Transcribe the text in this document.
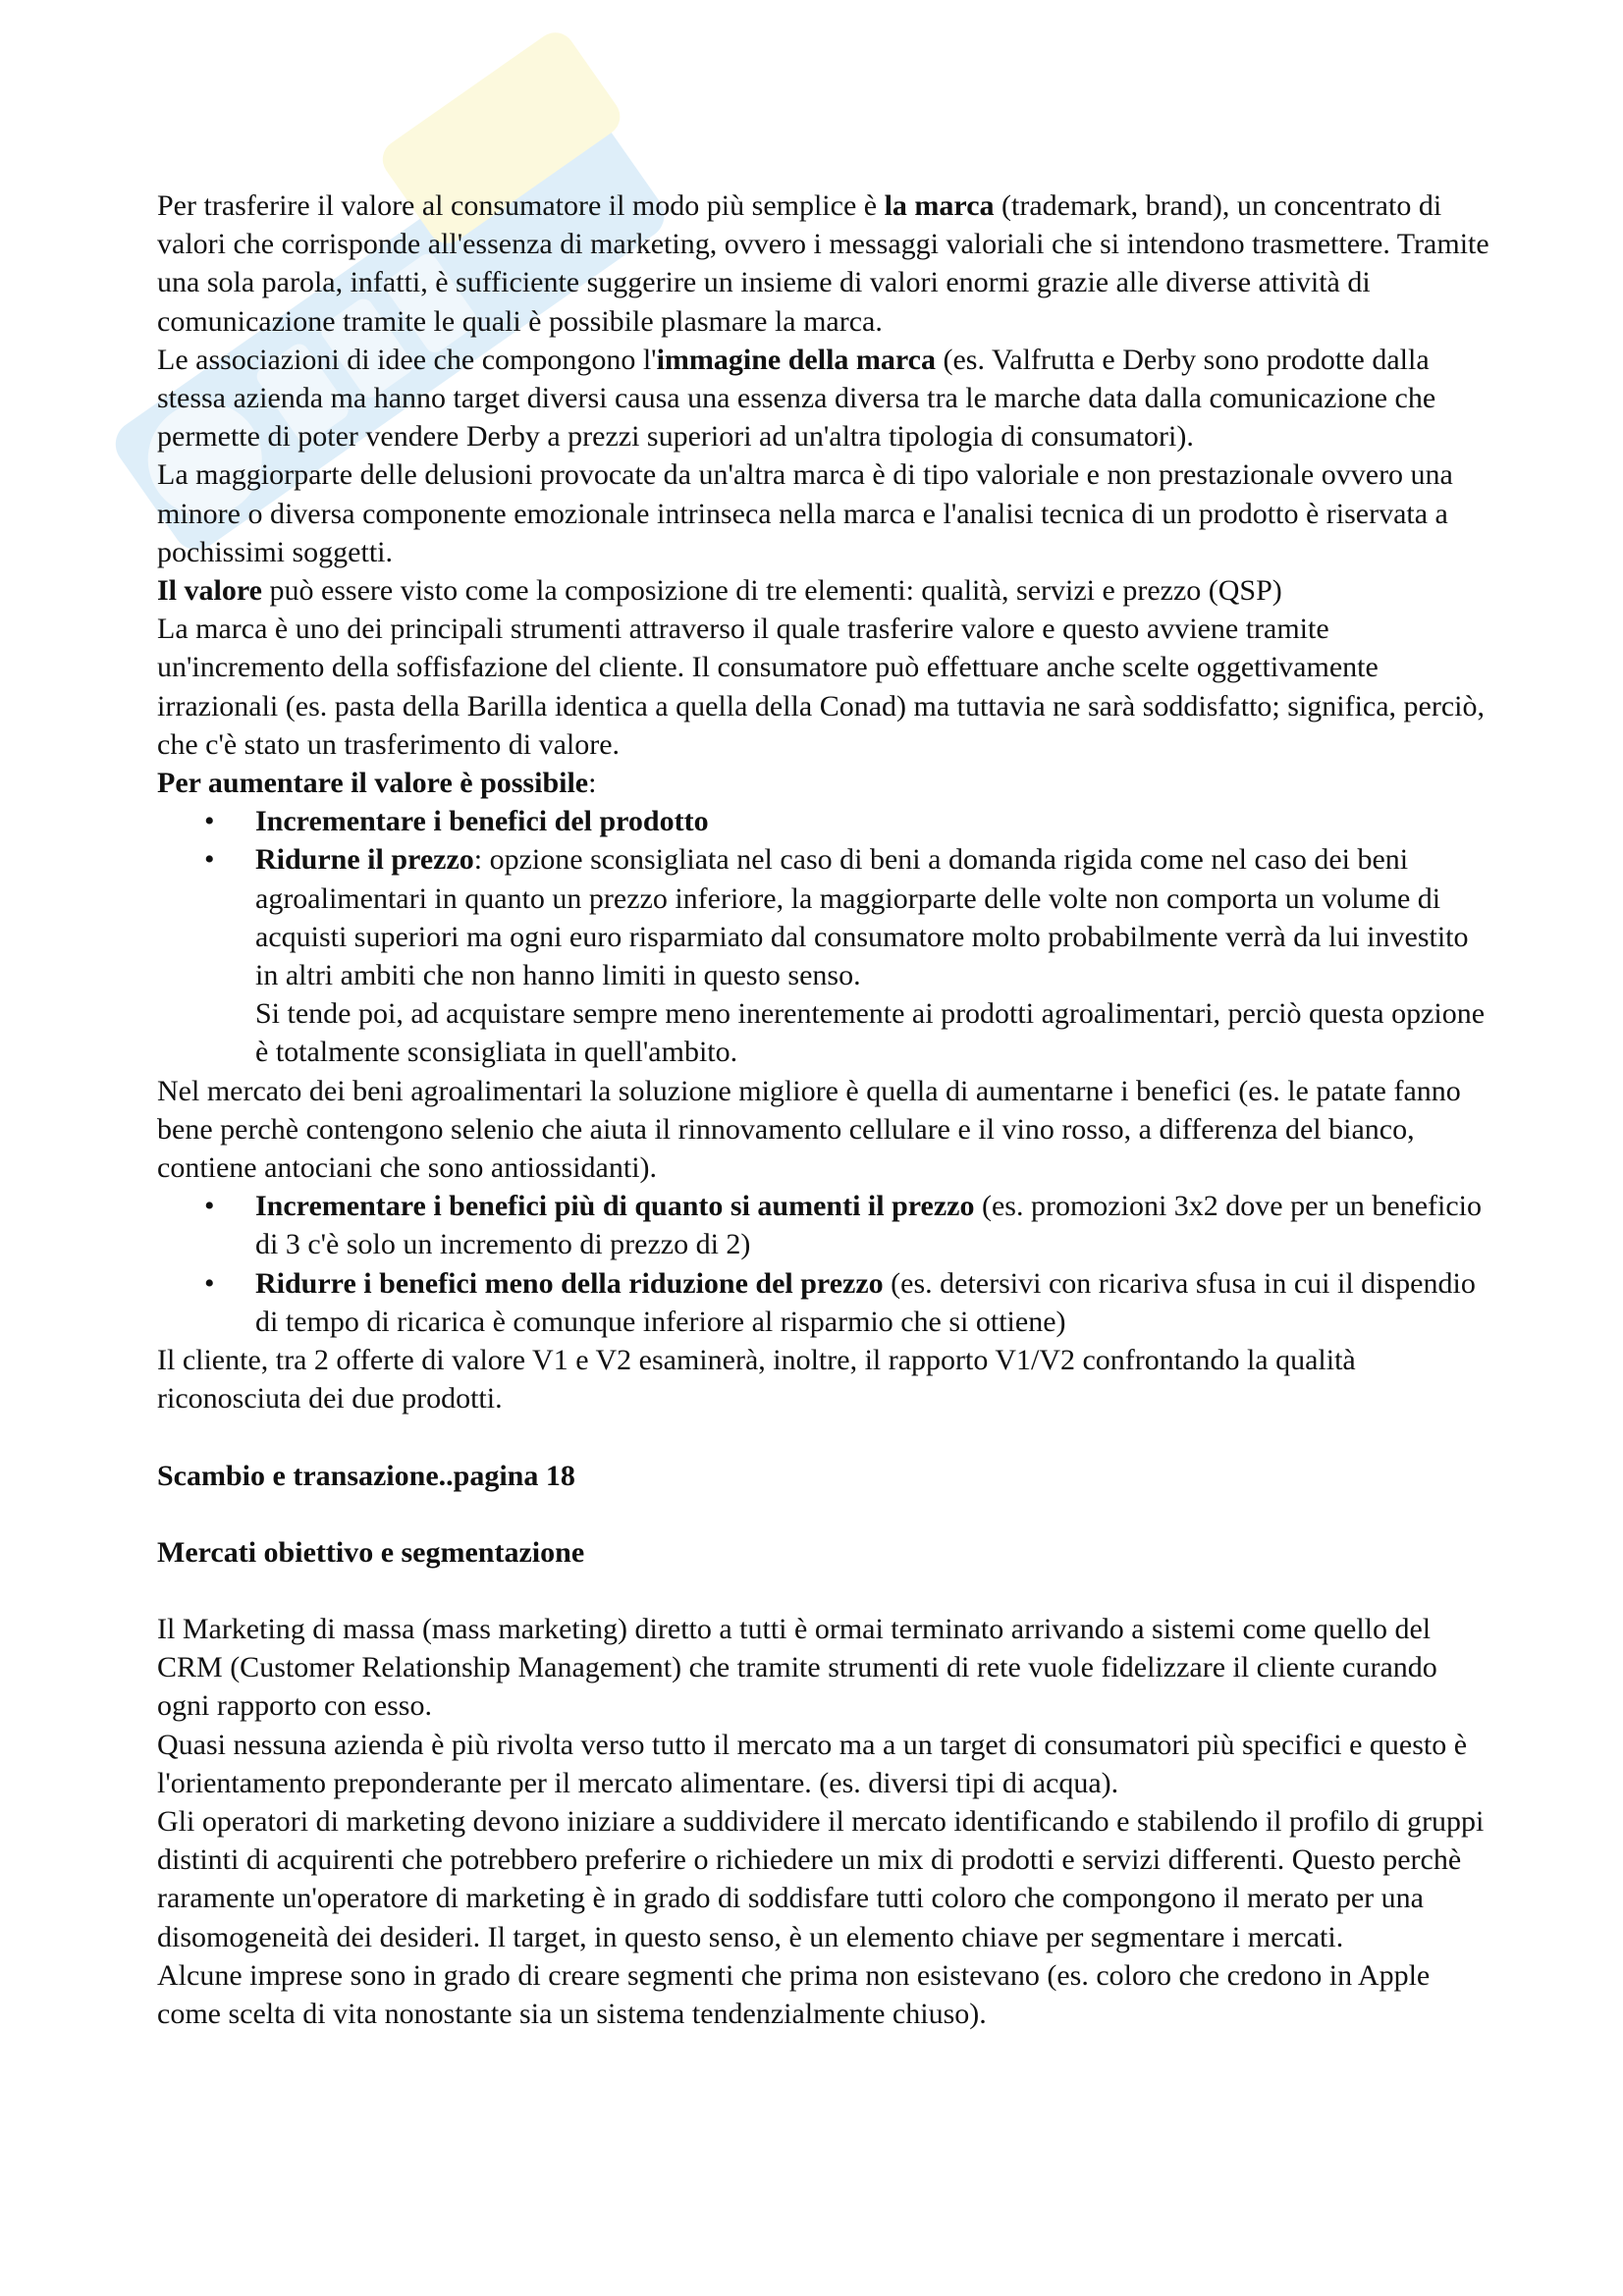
Per trasferire il valore al consumatore il modo più semplice è la marca (trademark, brand), un concentrato di valori che corrisponde all'essenza di marketing, ovvero i messaggi valoriali che si intendono trasmettere. Tramite una sola parola, infatti, è sufficiente suggerire un insieme di valori enormi grazie alle diverse attività di comunicazione tramite le quali è possibile plasmare la marca.

Le associazioni di idee che compongono l'immagine della marca (es. Valfrutta e Derby sono prodotte dalla stessa azienda ma hanno target diversi causa una essenza diversa tra le marche data dalla comunicazione che permette di poter vendere Derby a prezzi superiori ad un'altra tipologia di consumatori).

La maggiorparte delle delusioni provocate da un'altra marca è di tipo valoriale e non prestazionale ovvero una minore o diversa componente emozionale intrinseca nella marca e l'analisi tecnica di un prodotto è riservata a pochissimi soggetti.

Il valore può essere visto come la composizione di tre elementi: qualità, servizi e prezzo (QSP)

La marca è uno dei principali strumenti attraverso il quale trasferire valore e questo avviene tramite un'incremento della soffisfazione del cliente. Il consumatore può effettuare anche scelte oggettivamente irrazionali (es. pasta della Barilla identica a quella della Conad) ma tuttavia ne sarà soddisfatto; significa, perciò, che c'è stato un trasferimento di valore.

Per aumentare il valore è possibile:

• Incrementare i benefici del prodotto
• Ridurne il prezzo: opzione sconsigliata nel caso di beni a domanda rigida come nel caso dei beni agroalimentari in quanto un prezzo inferiore, la maggiorparte delle volte non comporta un volume di acquisti superiori ma ogni euro risparmiato dal consumatore molto probabilmente verrà da lui investito in altri ambiti che non hanno limiti in questo senso.
Si tende poi, ad acquistare sempre meno inerentemente ai prodotti agroalimentari, perciò questa opzione è totalmente sconsigliata in quell'ambito.

Nel mercato dei beni agroalimentari la soluzione migliore è quella di aumentarne i benefici (es. le patate fanno bene perchè contengono selenio che aiuta il rinnovamento cellulare e il vino rosso, a differenza del bianco, contiene antociani che sono antiossidanti).

• Incrementare i benefici più di quanto si aumenti il prezzo (es. promozioni 3x2 dove per un beneficio di 3 c'è solo un incremento di prezzo di 2)
• Ridurre i benefici meno della riduzione del prezzo (es. detersivi con ricariva sfusa in cui il dispendio di tempo di ricarica è comunque inferiore al risparmio che si ottiene)

Il cliente, tra 2 offerte di valore V1 e V2 esaminerà, inoltre, il rapporto V1/V2 confrontando la qualità riconosciuta dei due prodotti.

Scambio e transazione..pagina 18

Mercati obiettivo e segmentazione

Il Marketing di massa (mass marketing) diretto a tutti è ormai terminato arrivando a sistemi come quello del CRM (Customer Relationship Management) che tramite strumenti di rete vuole fidelizzare il cliente curando ogni rapporto con esso.

Quasi nessuna azienda è più rivolta verso tutto il mercato ma a un target di consumatori più specifici e questo è l'orientamento preponderante per il mercato alimentare. (es. diversi tipi di acqua).

Gli operatori di marketing devono iniziare a suddividere il mercato identificando e stabilendo il profilo di gruppi distinti di acquirenti che potrebbero preferire o richiedere un mix di prodotti e servizi differenti. Questo perchè raramente un'operatore di marketing è in grado di soddisfare tutti coloro che compongono il merato per una disomogeneità dei desideri. Il target, in questo senso, è un elemento chiave per segmentare i mercati.

Alcune imprese sono in grado di creare segmenti che prima non esistevano (es. coloro che credono in Apple come scelta di vita nonostante sia un sistema tendenzialmente chiuso).
